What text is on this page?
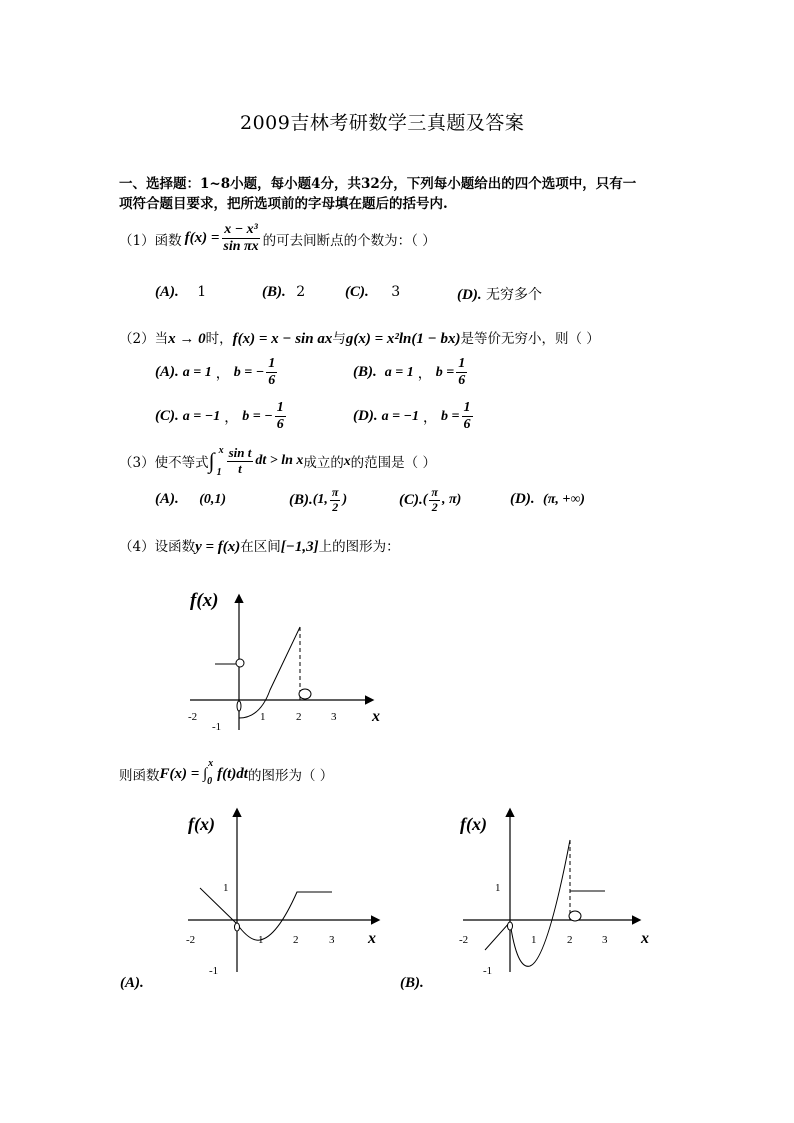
2009吉林考研数学三真题及答案
一、选择题：1~8小题，每小题4分，共32分，下列每小题给出的四个选项中，只有一
项符合题目要求，把所选项前的字母填在题后的括号内.
（1）函数 $f(x) = \frac{\text{x − x³}}{\text{sin πx}}$ 的可去间断点的个数为：（ ）
(A). 1	(B). 2	(C). 3	(D). 无穷多个
（2）当x → 0时，f(x) = x − sin ax与g(x) = x²ln(1 − bx)是等价无穷小，则（ ）
(A). a = 1 ， b = − $\frac{1}{6}$	(B). a = 1 ， $b = \frac{1}{6}$
(C). a = −1 ， b = − $\frac{1}{6}$	(D). a = −1 ， $b = \frac{1}{6}$
（3）使不等式 ∫ x
$1 \frac{\text{sin t}}{t}$ dt > ln x 成立的 x 的范围是（ ）
(A). (0,1)	(B). (1, $\frac{\pi}{2}$ )	(C). ( $\frac{\pi}{2}$ , π)	(D). (π, +∞)
（4）设函数y = f(x)在区间[−1,3]上的图形为：
f(x)
x
-2	1	2	3
-1
则函数 F(x) = ∫
x
0 f(t)dt 的图形为（ ）
f(x)
x
-2	1	2	3
1
-1
(A).
f(x)
x
-2	1	2	3
1
-1
(B).
